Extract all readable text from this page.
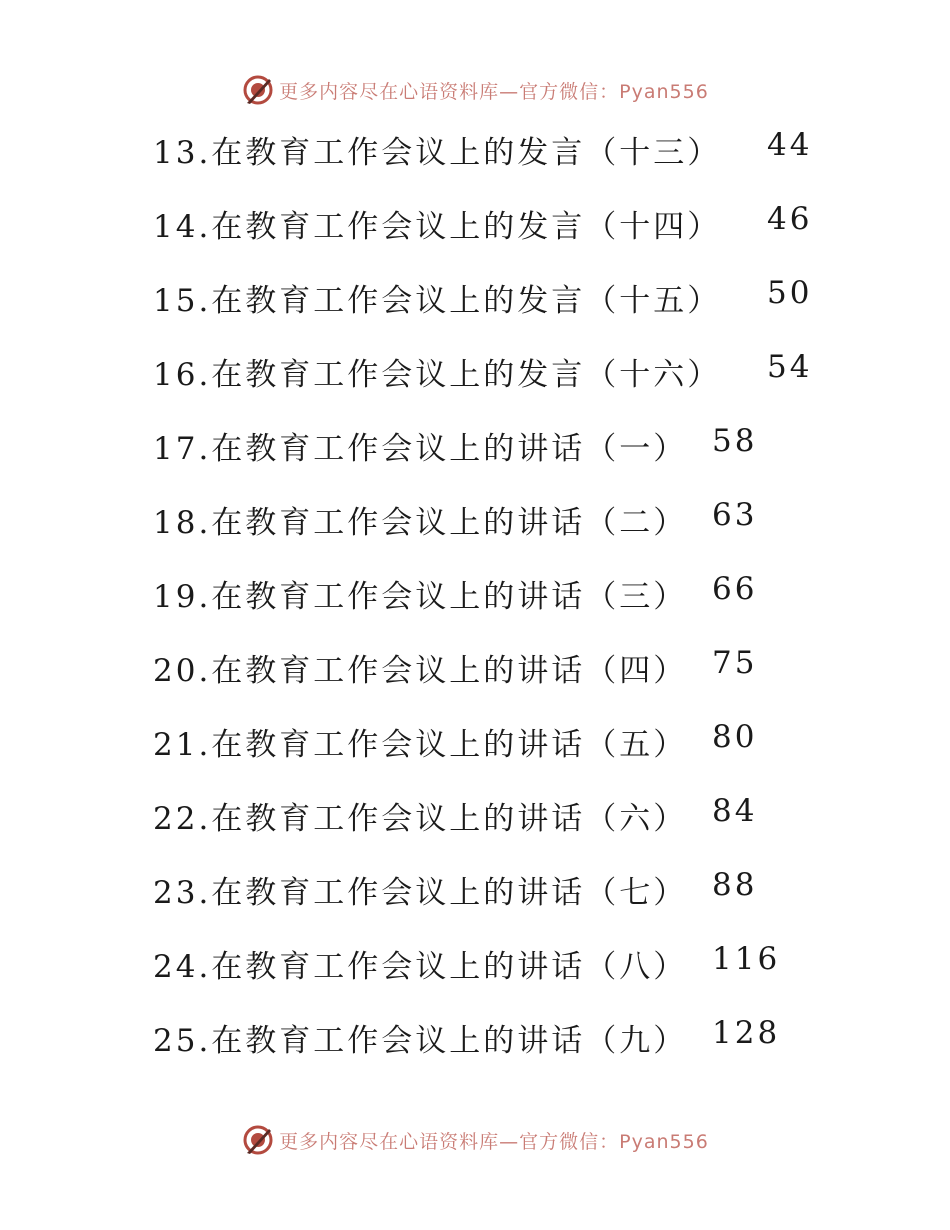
更多内容尽在心语资料库—官方微信：Pyan556
13.在教育工作会议上的发言（十三） 44
14.在教育工作会议上的发言（十四） 46
15.在教育工作会议上的发言（十五） 50
16.在教育工作会议上的发言（十六） 54
17.在教育工作会议上的讲话（一） 58
18.在教育工作会议上的讲话（二） 63
19.在教育工作会议上的讲话（三） 66
20.在教育工作会议上的讲话（四） 75
21.在教育工作会议上的讲话（五） 80
22.在教育工作会议上的讲话（六） 84
23.在教育工作会议上的讲话（七） 88
24.在教育工作会议上的讲话（八） 116
25.在教育工作会议上的讲话（九） 128
更多内容尽在心语资料库—官方微信：Pyan556
